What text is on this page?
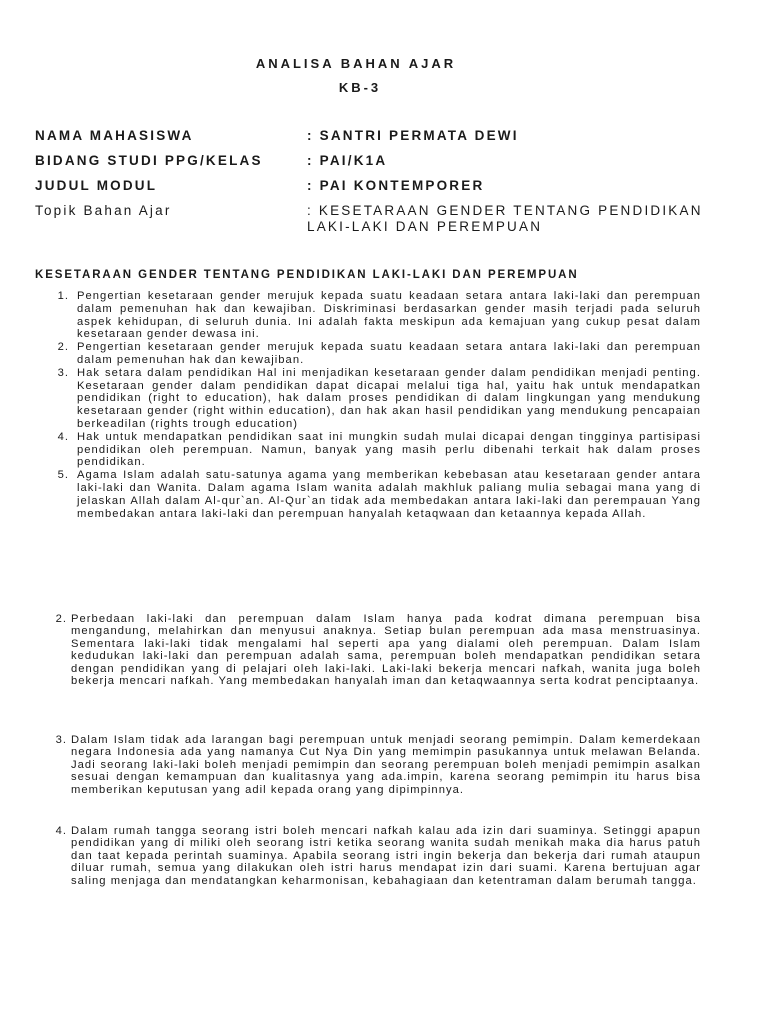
ANALISA BAHAN AJAR
KB-3
NAMA MAHASISWA	: SANTRI PERMATA DEWI
BIDANG STUDI PPG/KELAS	: PAI/K1A
JUDUL MODUL	: PAI KONTEMPORER
Topik Bahan Ajar	: KESETARAAN GENDER TENTANG PENDIDIKAN LAKI-LAKI DAN PEREMPUAN
KESETARAAN GENDER TENTANG PENDIDIKAN LAKI-LAKI DAN PEREMPUAN
1. Pengertian kesetaraan gender merujuk kepada suatu keadaan setara antara laki-laki dan perempuan dalam pemenuhan hak dan kewajiban. Diskriminasi berdasarkan gender masih terjadi pada seluruh aspek kehidupan, di seluruh dunia. Ini adalah fakta meskipun ada kemajuan yang cukup pesat dalam kesetaraan gender dewasa ini.
2. Pengertian kesetaraan gender merujuk kepada suatu keadaan setara antara laki-laki dan perempuan dalam pemenuhan hak dan kewajiban.
3. Hak setara dalam pendidikan Hal ini menjadikan kesetaraan gender dalam pendidikan menjadi penting. Kesetaraan gender dalam pendidikan dapat dicapai melalui tiga hal, yaitu hak untuk mendapatkan pendidikan (right to education), hak dalam proses pendidikan di dalam lingkungan yang mendukung kesetaraan gender (right within education), dan hak akan hasil pendidikan yang mendukung pencapaian berkeadilan (rights trough education)
4. Hak untuk mendapatkan pendidikan saat ini mungkin sudah mulai dicapai dengan tingginya partisipasi pendidikan oleh perempuan. Namun, banyak yang masih perlu dibenahi terkait hak dalam proses pendidikan.
5. Agama Islam adalah satu-satunya agama yang memberikan kebebasan atau kesetaraan gender antara laki-laki dan Wanita. Dalam agama Islam wanita adalah makhluk paliang mulia sebagai mana yang di jelaskan Allah dalam Al-qur`an. Al-Qur`an tidak ada membedakan antara laki-laki dan perempauan Yang membedakan antara laki-laki dan perempuan hanyalah ketaqwaan dan ketaannya kepada Allah.
2. Perbedaan laki-laki dan perempuan dalam Islam hanya pada kodrat dimana perempuan bisa mengandung, melahirkan dan menyusui anaknya. Setiap bulan perempuan ada masa menstruasinya. Sementara laki-laki tidak mengalami hal seperti apa yang dialami oleh perempuan. Dalam Islam kedudukan laki-laki dan perempuan adalah sama, perempuan boleh mendapatkan pendidikan setara dengan pendidikan yang di pelajari oleh laki-laki. Laki-laki bekerja mencari nafkah, wanita juga boleh bekerja mencari nafkah. Yang membedakan hanyalah iman dan ketaqwaannya serta kodrat penciptaanya.
3. Dalam Islam tidak ada larangan bagi perempuan untuk menjadi seorang pemimpin. Dalam kemerdekaan negara Indonesia ada yang namanya Cut Nya Din yang memimpin pasukannya untuk melawan Belanda. Jadi seorang laki-laki boleh menjadi pemimpin dan seorang perempuan boleh menjadi pemimpin asalkan sesuai dengan kemampuan dan kualitasnya yang ada.impin, karena seorang pemimpin itu harus bisa memberikan keputusan yang adil kepada orang yang dipimpinnya.
4. Dalam rumah tangga seorang istri boleh mencari nafkah kalau ada izin dari suaminya. Setinggi apapun pendidikan yang di miliki oleh seorang istri ketika seorang wanita sudah menikah maka dia harus patuh dan taat kepada perintah suaminya. Apabila seorang istri ingin bekerja dan bekerja dari rumah ataupun diluar rumah, semua yang dilakukan oleh istri harus mendapat izin dari suami. Karena bertujuan agar saling menjaga dan mendatangkan keharmonisan, kebahagiaan dan ketentraman dalam berumah tangga.
